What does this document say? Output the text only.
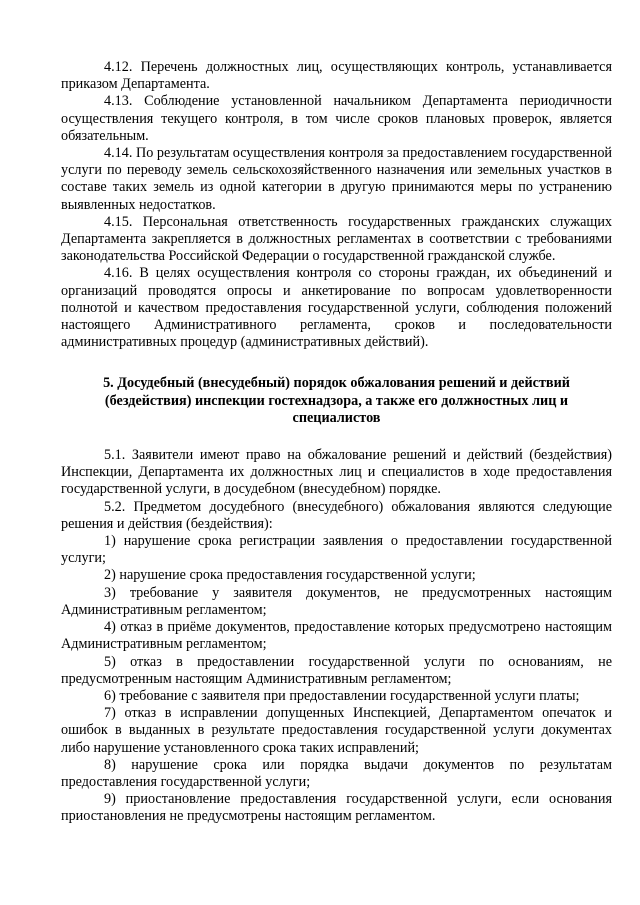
4.12. Перечень должностных лиц, осуществляющих контроль, устанавливается приказом Департамента.

4.13. Соблюдение установленной начальником Департамента периодичности осуществления текущего контроля, в том числе сроков плановых проверок, является обязательным.

4.14. По результатам осуществления контроля за предоставлением государственной услуги по переводу земель сельскохозяйственного назначения или земельных участков в составе таких земель из одной категории в другую принимаются меры по устранению выявленных недостатков.

4.15. Персональная ответственность государственных гражданских служащих Департамента закрепляется в должностных регламентах в соответствии с требованиями законодательства Российской Федерации о государственной гражданской службе.

4.16. В целях осуществления контроля со стороны граждан, их объединений и организаций проводятся опросы и анкетирование по вопросам удовлетворенности полнотой и качеством предоставления государственной услуги, соблюдения положений настоящего Административного регламента, сроков и последовательности административных процедур (административных действий).

5. Досудебный (внесудебный) порядок обжалования решений и действий (бездействия) инспекции гостехнадзора, а также его должностных лиц и специалистов

5.1. Заявители имеют право на обжалование решений и действий (бездействия) Инспекции, Департамента их должностных лиц и специалистов в ходе предоставления государственной услуги, в досудебном (внесудебном) порядке.

5.2. Предметом досудебного (внесудебного) обжалования являются следующие решения и действия (бездействия):

1) нарушение срока регистрации заявления о предоставлении государственной услуги;

2) нарушение срока предоставления государственной услуги;

3) требование у заявителя документов, не предусмотренных настоящим Административным регламентом;

4) отказ в приёме документов, предоставление которых предусмотрено настоящим Административным регламентом;

5) отказ в предоставлении государственной услуги по основаниям, не предусмотренным настоящим Административным регламентом;

6) требование с заявителя при предоставлении государственной услуги платы;

7) отказ в исправлении допущенных Инспекцией, Департаментом опечаток и ошибок в выданных в результате предоставления государственной услуги документах либо нарушение установленного срока таких исправлений;

8) нарушение срока или порядка выдачи документов по результатам предоставления государственной услуги;

9) приостановление предоставления государственной услуги, если основания приостановления не предусмотрены настоящим регламентом.
